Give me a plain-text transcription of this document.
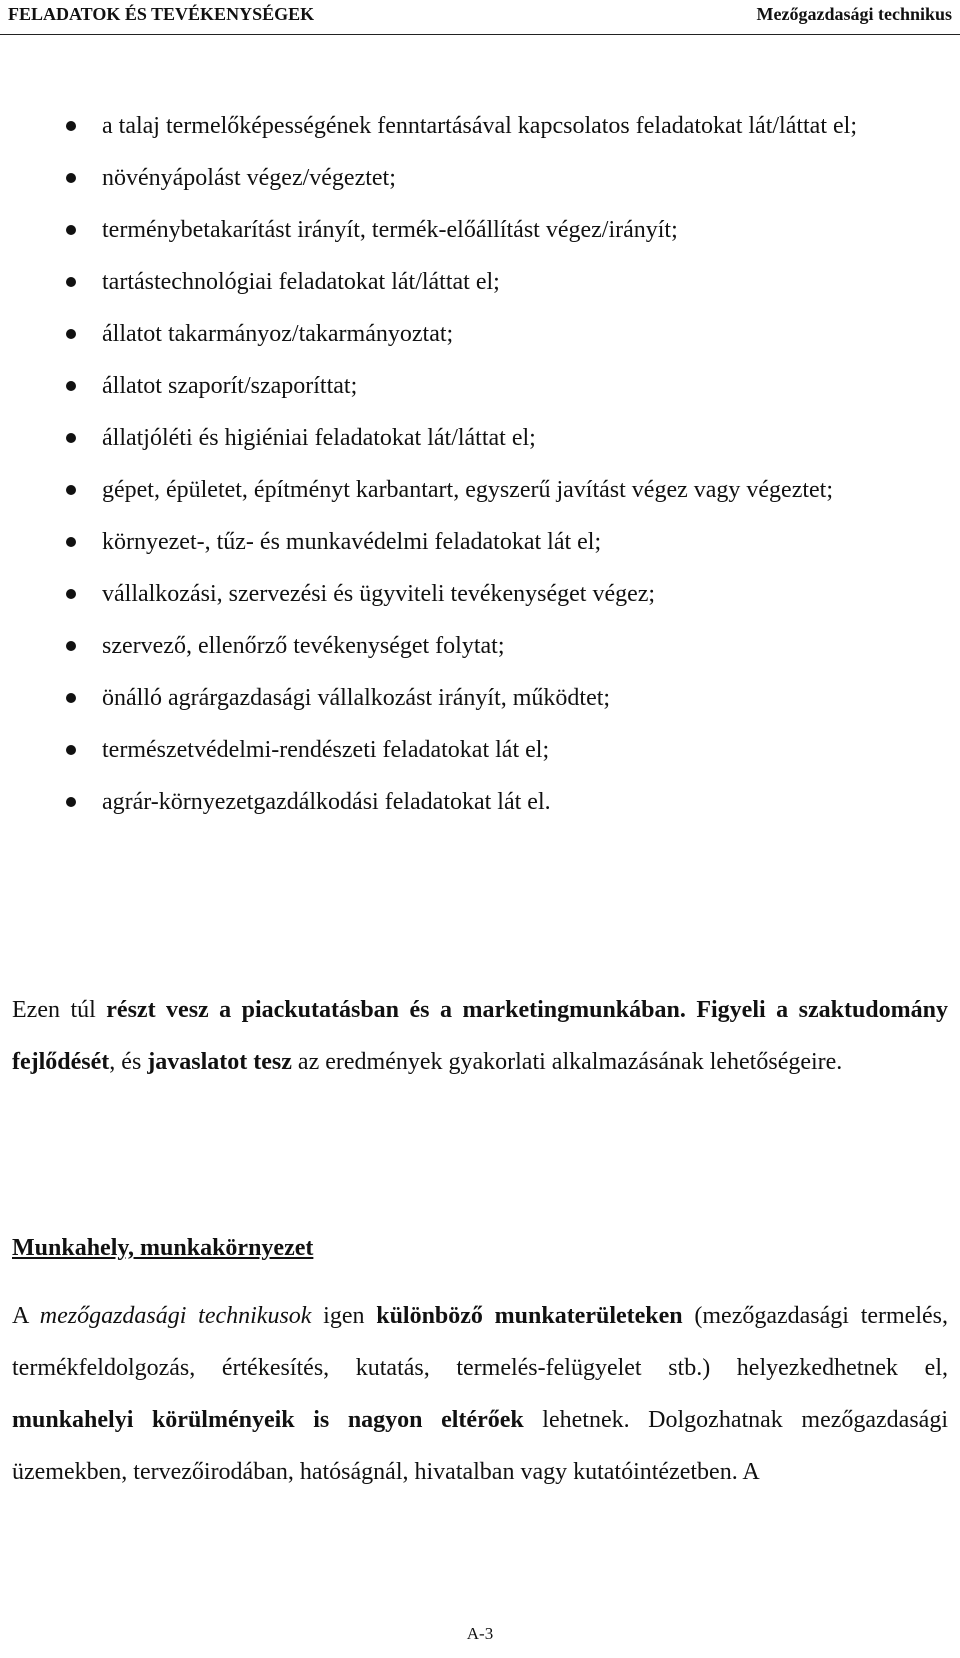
FELADATOK ÉS TEVÉKENYSÉGEK	Mezőgazdasági technikus
a talaj termelőképességének fenntartásával kapcsolatos feladatokat lát/láttat el;
növényápolást végez/végeztet;
terménybetakarítást irányít, termék-előállítást végez/irányít;
tartástechnológiai feladatokat lát/láttat el;
állatot takarmányoz/takarmányoztat;
állatot szaporít/szaporíttat;
állatjóléti és higiéniai feladatokat lát/láttat el;
gépet, épületet, építményt karbantart, egyszerű javítást végez vagy végeztet;
környezet-, tűz- és munkavédelmi feladatokat lát el;
vállalkozási, szervezési és ügyviteli tevékenységet végez;
szervező, ellenőrző tevékenységet folytat;
önálló agrárgazdasági vállalkozást irányít, működtet;
természetvédelmi-rendészeti feladatokat lát el;
agrár-környezetgazdálkodási feladatokat lát el.

Ezen túl részt vesz a piackutatásban és a marketingmunkában. Figyeli a szaktudomány fejlődését, és javaslatot tesz az eredmények gyakorlati alkalmazásának lehetőségeire.

Munkahely, munkakörnyezet

A mezőgazdasági technikusok igen különböző munkaterületeken (mezőgazdasági termelés, termékfeldolgozás, értékesítés, kutatás, termelés-felügyelet stb.) helyezkedhetnek el, munkahelyi körülményeik is nagyon eltérőek lehetnek. Dolgozhatnak mezőgazdasági üzemekben, tervezőirodában, hatóságnál, hivatalban vagy kutatóintézetben. A

A-3
